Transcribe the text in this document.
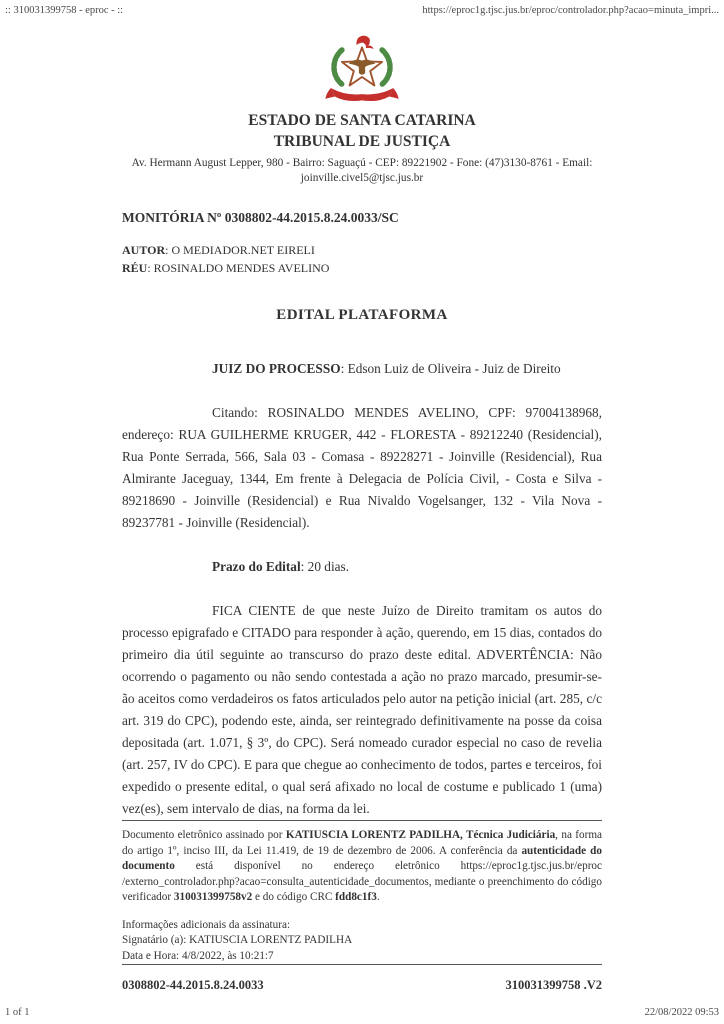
:: 310031399758 - eproc - ::	https://eproc1g.tjsc.jus.br/eproc/controlador.php?acao=minuta_impri...

ESTADO DE SANTA CATARINA

TRIBUNAL DE JUSTIÇA

Av. Hermann August Lepper, 980 - Bairro: Saguaçú - CEP: 89221902 - Fone: (47)3130-8761 - Email: joinville.civel5@tjsc.jus.br

MONITÓRIA Nº 0308802-44.2015.8.24.0033/SC

AUTOR: O MEDIADOR.NET EIRELI

RÉU: ROSINALDO MENDES AVELINO

EDITAL PLATAFORMA

JUIZ DO PROCESSO: Edson Luiz de Oliveira - Juiz de Direito

Citando: ROSINALDO MENDES AVELINO, CPF: 97004138968, endereço: RUA GUILHERME KRUGER, 442 - FLORESTA - 89212240 (Residencial), Rua Ponte Serrada, 566, Sala 03 - Comasa - 89228271 - Joinville (Residencial), Rua Almirante Jaceguay, 1344, Em frente à Delegacia de Polícia Civil, - Costa e Silva - 89218690 - Joinville (Residencial) e Rua Nivaldo Vogelsanger, 132 - Vila Nova - 89237781 - Joinville (Residencial).

Prazo do Edital: 20 dias.

FICA CIENTE de que neste Juízo de Direito tramitam os autos do processo epigrafado e CITADO para responder à ação, querendo, em 15 dias, contados do primeiro dia útil seguinte ao transcurso do prazo deste edital. ADVERTÊNCIA: Não ocorrendo o pagamento ou não sendo contestada a ação no prazo marcado, presumir-se-ão aceitos como verdadeiros os fatos articulados pelo autor na petição inicial (art. 285, c/c art. 319 do CPC), podendo este, ainda, ser reintegrado definitivamente na posse da coisa depositada (art. 1.071, § 3º, do CPC). Será nomeado curador especial no caso de revelia (art. 257, IV do CPC). E para que chegue ao conhecimento de todos, partes e terceiros, foi expedido o presente edital, o qual será afixado no local de costume e publicado 1 (uma) vez(es), sem intervalo de dias, na forma da lei.

Documento eletrônico assinado por KATIUSCIA LORENTZ PADILHA, Técnica Judiciária, na forma do artigo 1º, inciso III, da Lei 11.419, de 19 de dezembro de 2006. A conferência da autenticidade do documento está disponível no endereço eletrônico https://eproc1g.tjsc.jus.br/eproc /externo_controlador.php?acao=consulta_autenticidade_documentos, mediante o preenchimento do código verificador 310031399758v2 e do código CRC fdd8c1f3.

Informações adicionais da assinatura:
Signatário (a): KATIUSCIA LORENTZ PADILHA
Data e Hora: 4/8/2022, às 10:21:7
0308802-44.2015.8.24.0033	310031399758 .V2
1 of 1	22/08/2022 09:53
